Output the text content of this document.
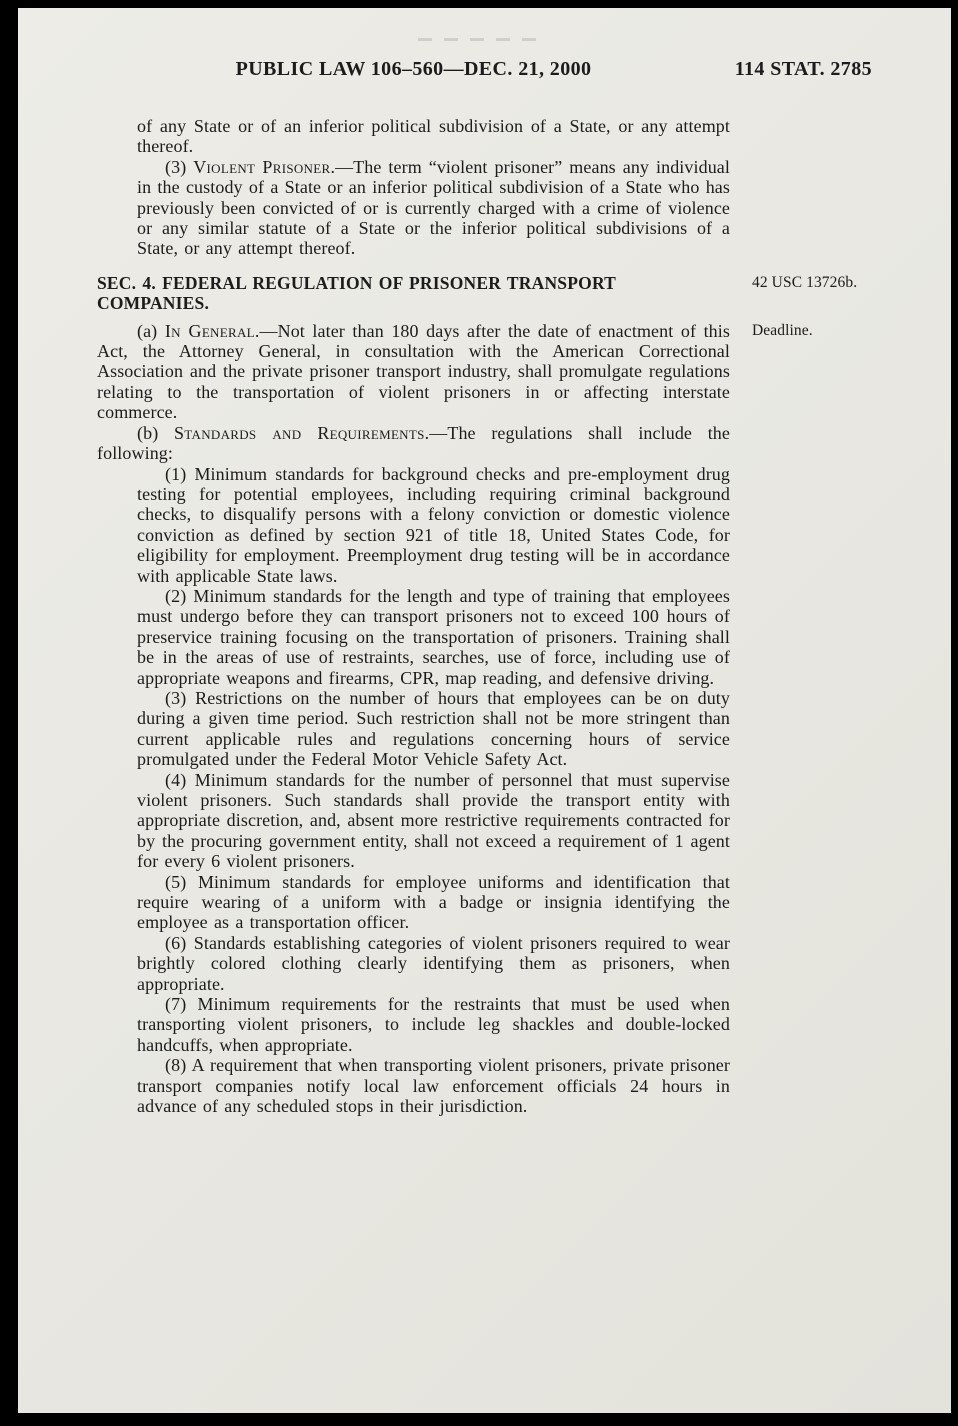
PUBLIC LAW 106–560—DEC. 21, 2000	114 STAT. 2785

of any State or of an inferior political subdivision of a State, or any attempt thereof.

(3) Violent Prisoner.—The term “violent prisoner” means any individual in the custody of a State or an inferior political subdivision of a State who has previously been convicted of or is currently charged with a crime of violence or any similar statute of a State or the inferior political subdivisions of a State, or any attempt thereof.

SEC. 4. FEDERAL REGULATION OF PRISONER TRANSPORT COMPANIES.
42 USC 13726b.

Deadline.
(a) In General.—Not later than 180 days after the date of enactment of this Act, the Attorney General, in consultation with the American Correctional Association and the private prisoner transport industry, shall promulgate regulations relating to the transportation of violent prisoners in or affecting interstate commerce.

(b) Standards and Requirements.—The regulations shall include the following:

(1) Minimum standards for background checks and pre-employment drug testing for potential employees, including requiring criminal background checks, to disqualify persons with a felony conviction or domestic violence conviction as defined by section 921 of title 18, United States Code, for eligibility for employment. Preemployment drug testing will be in accordance with applicable State laws.

(2) Minimum standards for the length and type of training that employees must undergo before they can transport prisoners not to exceed 100 hours of preservice training focusing on the transportation of prisoners. Training shall be in the areas of use of restraints, searches, use of force, including use of appropriate weapons and firearms, CPR, map reading, and defensive driving.

(3) Restrictions on the number of hours that employees can be on duty during a given time period. Such restriction shall not be more stringent than current applicable rules and regulations concerning hours of service promulgated under the Federal Motor Vehicle Safety Act.

(4) Minimum standards for the number of personnel that must supervise violent prisoners. Such standards shall provide the transport entity with appropriate discretion, and, absent more restrictive requirements contracted for by the procuring government entity, shall not exceed a requirement of 1 agent for every 6 violent prisoners.

(5) Minimum standards for employee uniforms and identification that require wearing of a uniform with a badge or insignia identifying the employee as a transportation officer.

(6) Standards establishing categories of violent prisoners required to wear brightly colored clothing clearly identifying them as prisoners, when appropriate.

(7) Minimum requirements for the restraints that must be used when transporting violent prisoners, to include leg shackles and double-locked handcuffs, when appropriate.

(8) A requirement that when transporting violent prisoners, private prisoner transport companies notify local law enforcement officials 24 hours in advance of any scheduled stops in their jurisdiction.
